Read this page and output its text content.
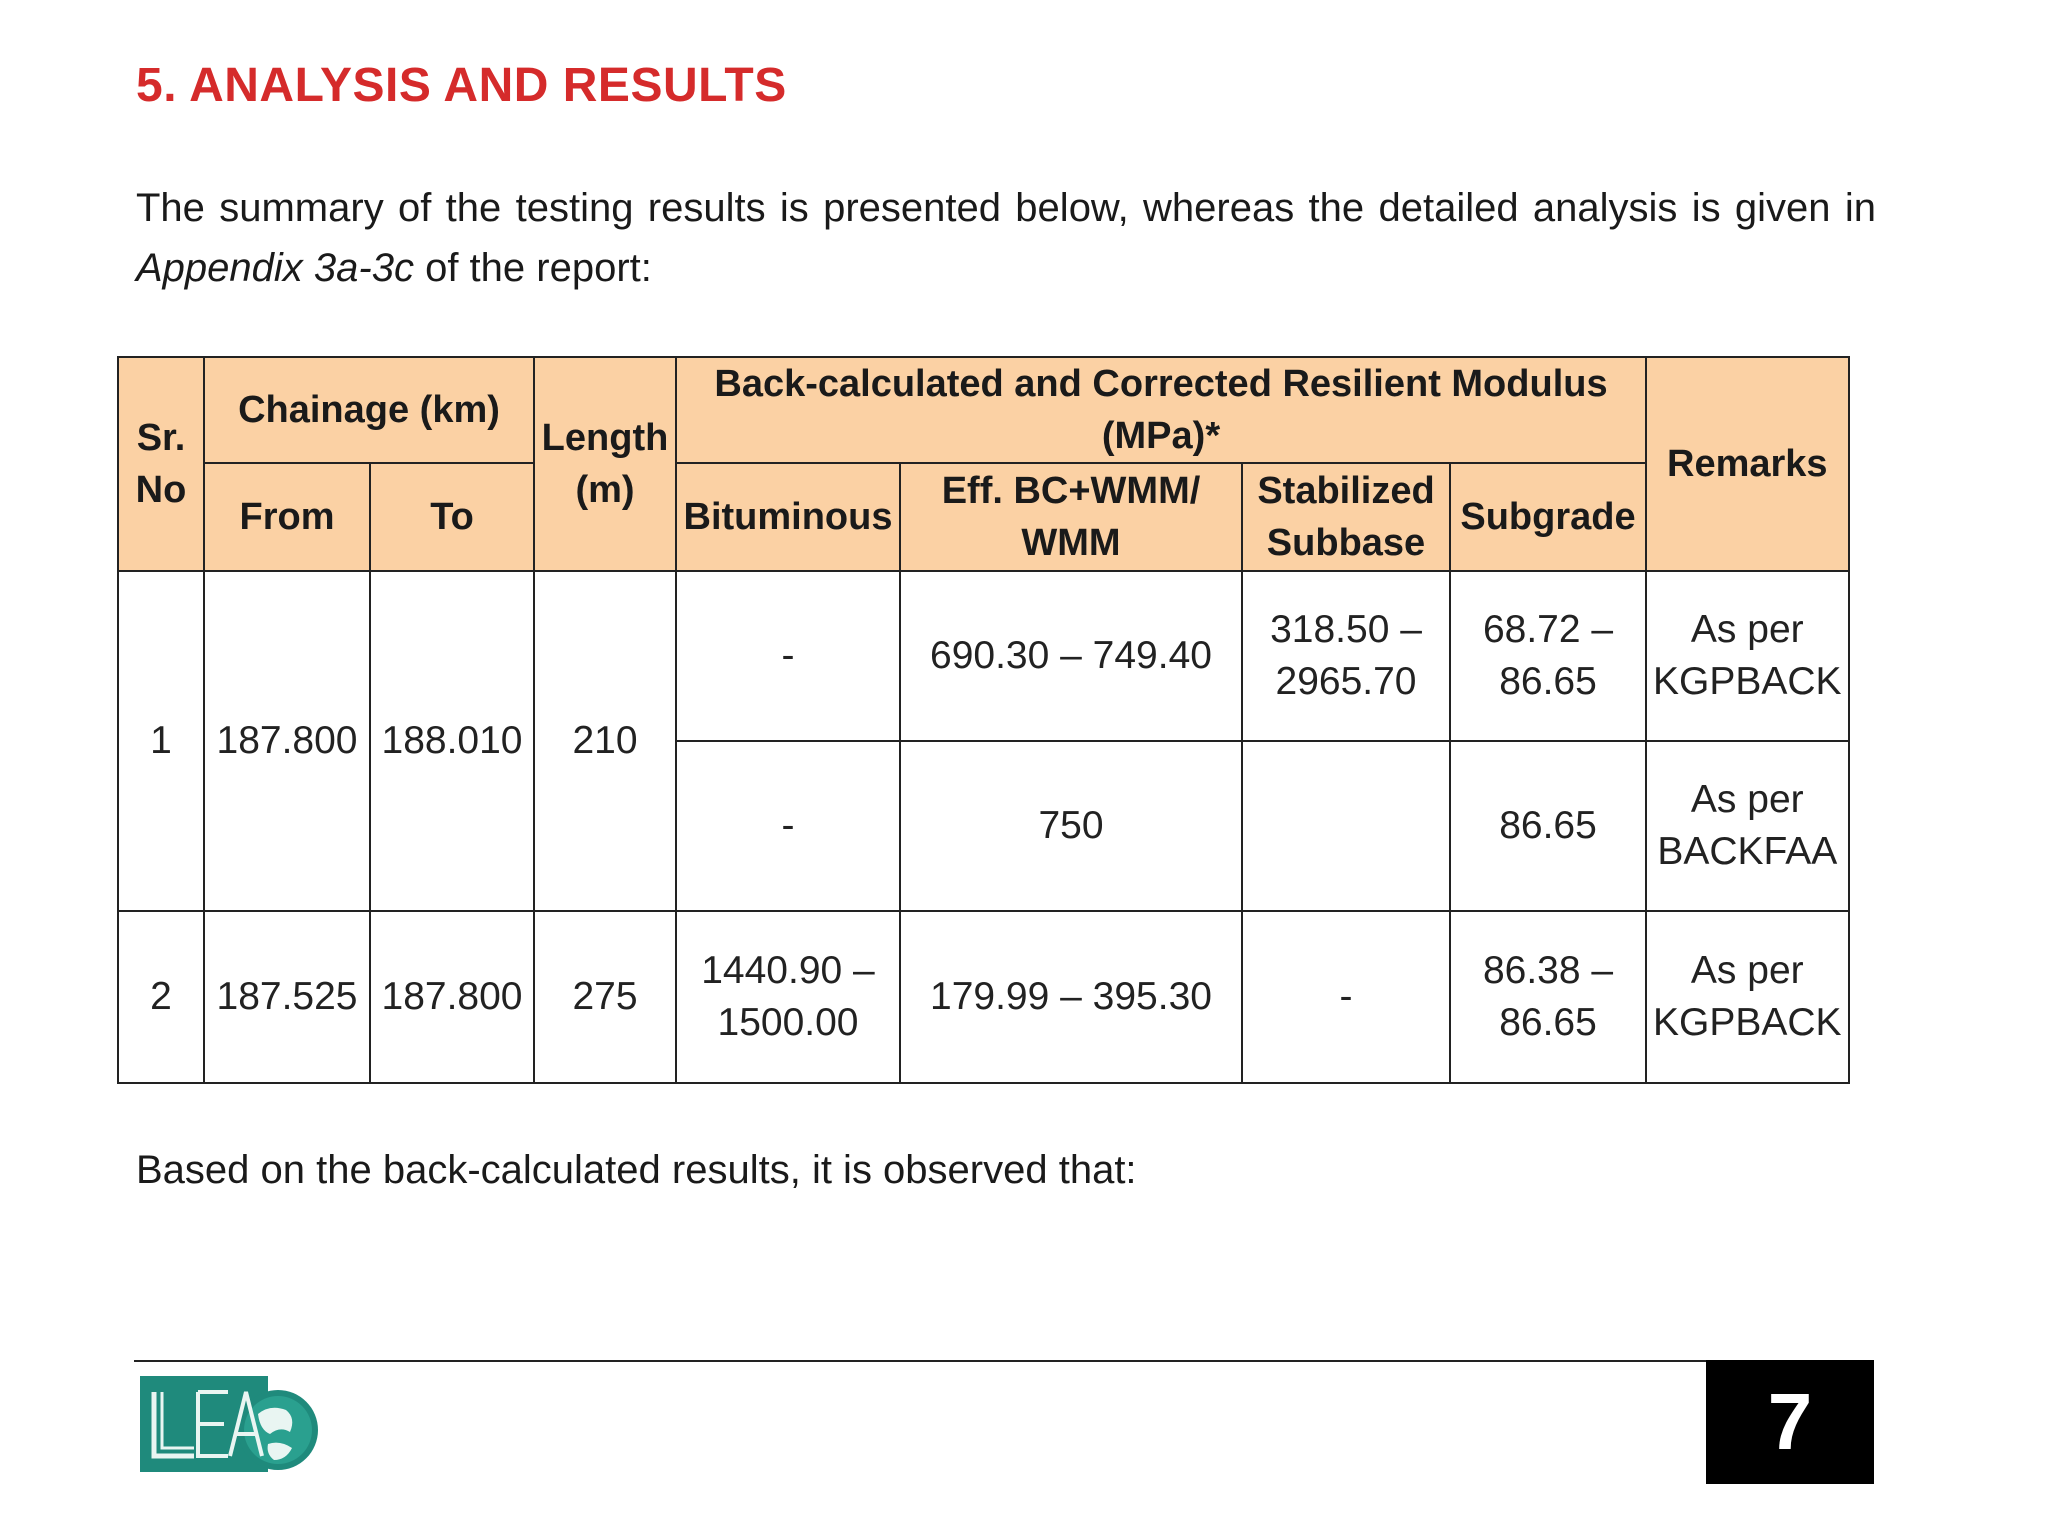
5. ANALYSIS AND RESULTS

The summary of the testing results is presented below, whereas the detailed analysis is given in Appendix 3a-3c of the report:

Sr. No	Chainage (km)		Length (m)	Back-calculated and Corrected Resilient Modulus (MPa)*				Remarks
	From	To		Bituminous	Eff. BC+WMM/ WMM	Stabilized Subbase	Subgrade	
1	187.800	188.010	210	-	690.30 – 749.40	318.50 – 2965.70	68.72 – 86.65	As per KGPBACK
				-	750		86.65	As per BACKFAA
2	187.525	187.800	275	1440.90 – 1500.00	179.99 – 395.30	-	86.38 – 86.65	As per KGPBACK
Based on the back-calculated results, it is observed that:
7
